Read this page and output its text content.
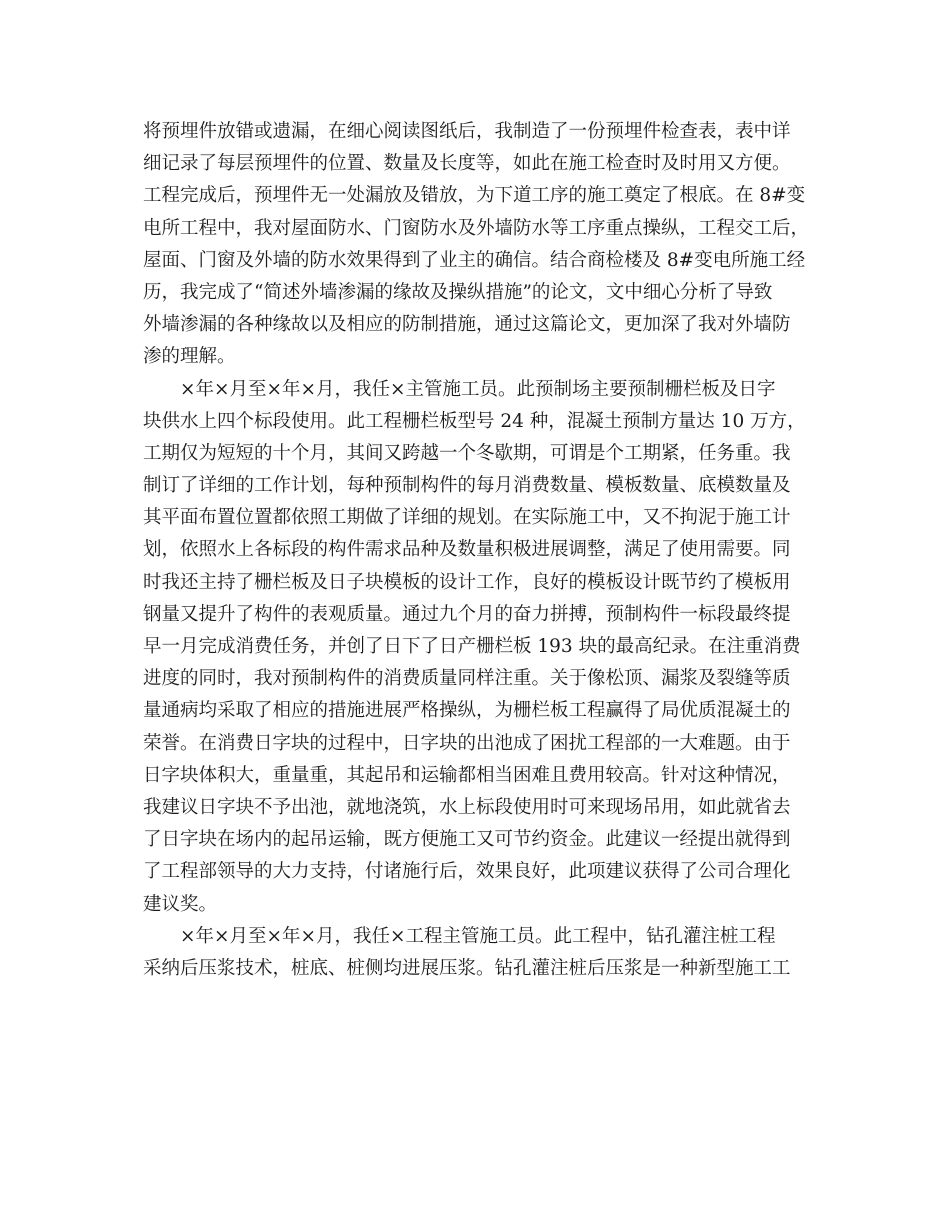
将预埋件放错或遗漏，在细心阅读图纸后，我制造了一份预埋件检查表，表中详
细记录了每层预埋件的位置、数量及长度等，如此在施工检查时及时用又方便。
工程完成后，预埋件无一处漏放及错放，为下道工序的施工奠定了根底。在 8#变
电所工程中，我对屋面防水、门窗防水及外墙防水等工序重点操纵，工程交工后，
屋面、门窗及外墙的防水效果得到了业主的确信。结合商检楼及 8#变电所施工经
历，我完成了“简述外墙渗漏的缘故及操纵措施”的论文，文中细心分析了导致
外墙渗漏的各种缘故以及相应的防制措施，通过这篇论文，更加深了我对外墙防
渗的理解。
×年×月至×年×月，我任×主管施工员。此预制场主要预制栅栏板及日字
块供水上四个标段使用。此工程栅栏板型号 24 种，混凝土预制方量达 10 万方，
工期仅为短短的十个月，其间又跨越一个冬歇期，可谓是个工期紧，任务重。我
制订了详细的工作计划，每种预制构件的每月消费数量、模板数量、底模数量及
其平面布置位置都依照工期做了详细的规划。在实际施工中，又不拘泥于施工计
划，依照水上各标段的构件需求品种及数量积极进展调整，满足了使用需要。同
时我还主持了栅栏板及日子块模板的设计工作，良好的模板设计既节约了模板用
钢量又提升了构件的表观质量。通过九个月的奋力拼搏，预制构件一标段最终提
早一月完成消费任务，并创了日下了日产栅栏板 193 块的最高纪录。在注重消费
进度的同时，我对预制构件的消费质量同样注重。关于像松顶、漏浆及裂缝等质
量通病均采取了相应的措施进展严格操纵，为栅栏板工程赢得了局优质混凝土的
荣誉。在消费日字块的过程中，日字块的出池成了困扰工程部的一大难题。由于
日字块体积大，重量重，其起吊和运输都相当困难且费用较高。针对这种情况，
我建议日字块不予出池，就地浇筑，水上标段使用时可来现场吊用，如此就省去
了日字块在场内的起吊运输，既方便施工又可节约资金。此建议一经提出就得到
了工程部领导的大力支持，付诸施行后，效果良好，此项建议获得了公司合理化
建议奖。
×年×月至×年×月，我任×工程主管施工员。此工程中，钻孔灌注桩工程
采纳后压浆技术，桩底、桩侧均进展压浆。钻孔灌注桩后压浆是一种新型施工工
